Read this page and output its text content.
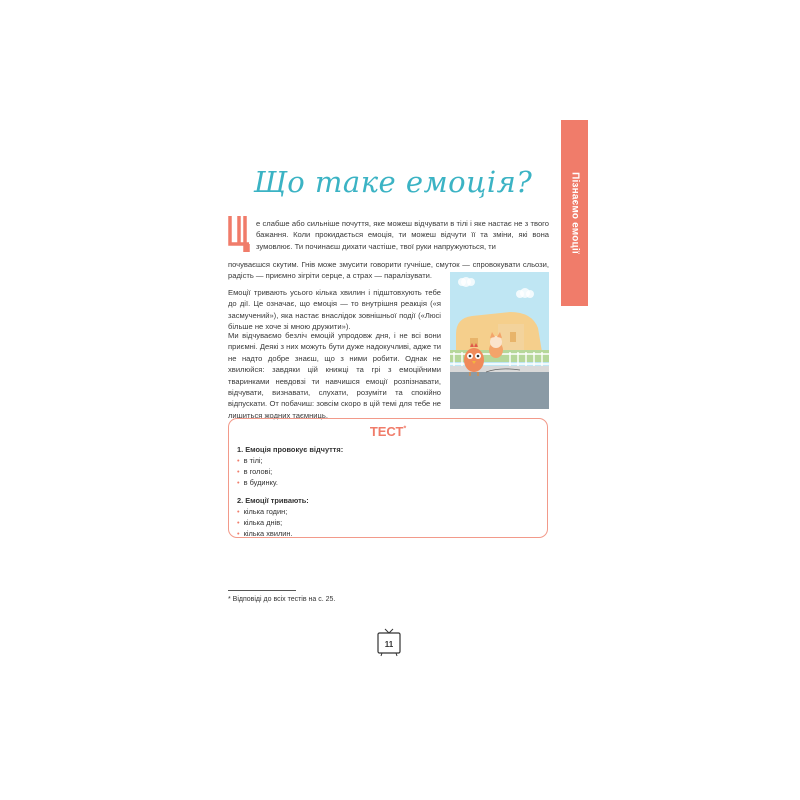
Пізнаємо емоції
Що таке емоція?
Ц
е слабше або сильніше почуття, яке можеш відчувати в тілі і яке настає не з твого бажання. Коли прокидається емоція, ти можеш відчути її та зміни, які вона зумовлює. Ти починаєш дихати частіше, твої руки напружуються, ти
почуваєшся скутим. Гнів може змусити говорити гучніше, смуток — спровокувати сльози, радість — приємно зігріти серце, а страх — паралізувати.
Емоції тривають усього кілька хвилин і підштовхують тебе до дії. Це означає, що емоція — то внутрішня реакція («я засмучений»), яка настає внаслідок зовнішньої події («Люсі більше не хоче зі мною дружити»).
Ми відчуваємо безліч емоцій упродовж дня, і не всі вони приємні. Деякі з них можуть бути дуже надокучливі, адже ти не надто добре знаєш, що з ними робити. Однак не хвилюйся: завдяки цій книжці та грі з емоційними тваринками невдовзі ти навчишся емоції розпізнавати, відчувати, визнавати, слухати, розуміти та спокійно відпускати. От побачиш: зовсім скоро в цій темі для тебе не лишиться жодних таємниць.
ТЕСТ*
1. Емоція провокує відчуття:
• в тілі;
• в голові;
• в будинку.
2. Емоції тривають:
• кілька годин;
• кілька днів;
• кілька хвилин.
* Відповіді до всіх тестів на с. 25.
11
